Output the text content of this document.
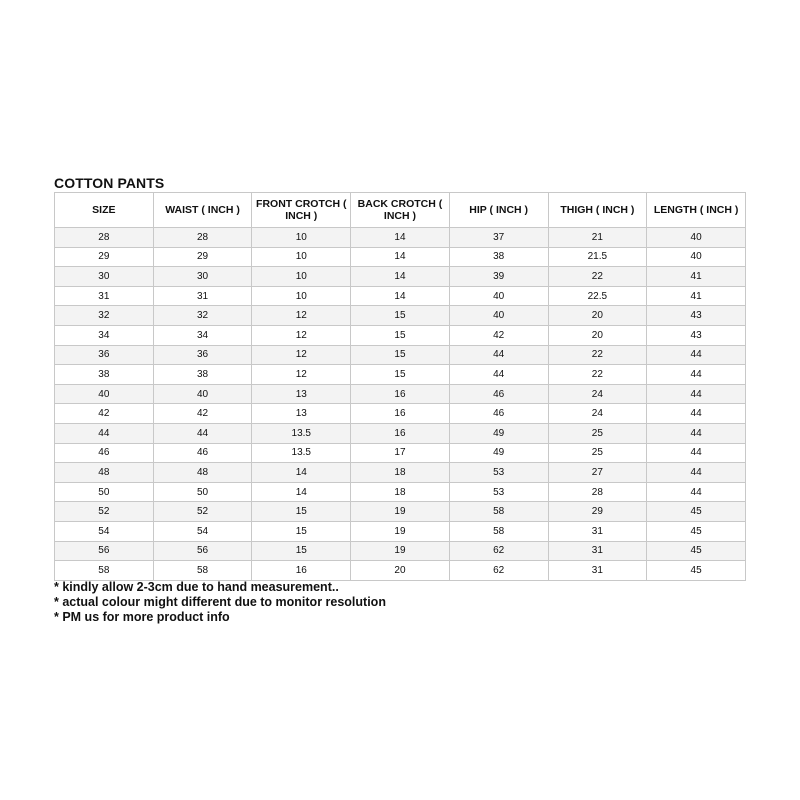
COTTON PANTS
SIZE	WAIST ( INCH )	FRONT CROTCH ( INCH )	BACK CROTCH ( INCH )	HIP ( INCH )	THIGH ( INCH )	LENGTH ( INCH )
28	28	10	14	37	21	40
29	29	10	14	38	21.5	40
30	30	10	14	39	22	41
31	31	10	14	40	22.5	41
32	32	12	15	40	20	43
34	34	12	15	42	20	43
36	36	12	15	44	22	44
38	38	12	15	44	22	44
40	40	13	16	46	24	44
42	42	13	16	46	24	44
44	44	13.5	16	49	25	44
46	46	13.5	17	49	25	44
48	48	14	18	53	27	44
50	50	14	18	53	28	44
52	52	15	19	58	29	45
54	54	15	19	58	31	45
56	56	15	19	62	31	45
58	58	16	20	62	31	45
* kindly allow 2-3cm due to hand measurement..
* actual colour might different due to monitor resolution
* PM us for more product info
